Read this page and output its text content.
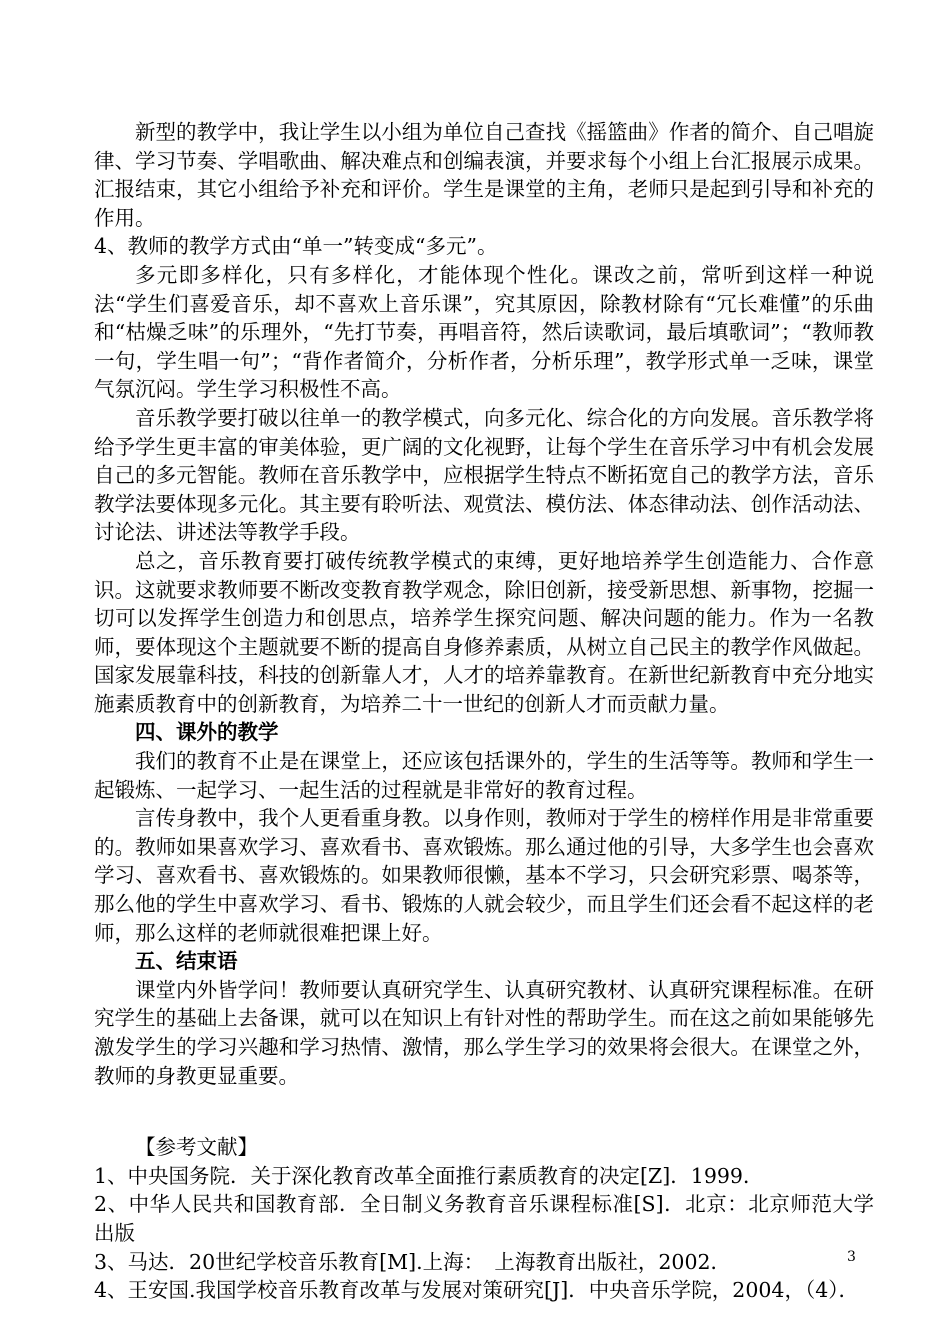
新型的教学中，我让学生以小组为单位自己查找《摇篮曲》作者的简介、自己唱旋律、学习节奏、学唱歌曲、解决难点和创编表演，并要求每个小组上台汇报展示成果。汇报结束，其它小组给予补充和评价。学生是课堂的主角，老师只是起到引导和补充的作用。

4、教师的教学方式由“单一”转变成“多元”。

多元即多样化，只有多样化，才能体现个性化。课改之前，常听到这样一种说法“学生们喜爱音乐，却不喜欢上音乐课”，究其原因，除教材除有“冗长难懂”的乐曲和“枯燥乏味”的乐理外，“先打节奏，再唱音符，然后读歌词，最后填歌词”；“教师教一句，学生唱一句”；“背作者简介，分析作者，分析乐理”，教学形式单一乏味，课堂气氛沉闷。学生学习积极性不高。

音乐教学要打破以往单一的教学模式，向多元化、综合化的方向发展。音乐教学将给予学生更丰富的审美体验，更广阔的文化视野，让每个学生在音乐学习中有机会发展自己的多元智能。教师在音乐教学中，应根据学生特点不断拓宽自己的教学方法，音乐教学法要体现多元化。其主要有聆听法、观赏法、模仿法、体态律动法、创作活动法、讨论法、讲述法等教学手段。

总之，音乐教育要打破传统教学模式的束缚，更好地培养学生创造能力、合作意识。这就要求教师要不断改变教育教学观念，除旧创新，接受新思想、新事物，挖掘一切可以发挥学生创造力和创思点，培养学生探究问题、解决问题的能力。作为一名教师，要体现这个主题就要不断的提高自身修养素质，从树立自己民主的教学作风做起。国家发展靠科技，科技的创新靠人才，人才的培养靠教育。在新世纪新教育中充分地实施素质教育中的创新教育，为培养二十一世纪的创新人才而贡献力量。

四、课外的教学

我们的教育不止是在课堂上，还应该包括课外的，学生的生活等等。教师和学生一起锻炼、一起学习、一起生活的过程就是非常好的教育过程。

言传身教中，我个人更看重身教。以身作则，教师对于学生的榜样作用是非常重要的。教师如果喜欢学习、喜欢看书、喜欢锻炼。那么通过他的引导，大多学生也会喜欢学习、喜欢看书、喜欢锻炼的。如果教师很懒，基本不学习，只会研究彩票、喝茶等，那么他的学生中喜欢学习、看书、锻炼的人就会较少，而且学生们还会看不起这样的老师，那么这样的老师就很难把课上好。

五、结束语

课堂内外皆学问！教师要认真研究学生、认真研究教材、认真研究课程标准。在研究学生的基础上去备课，就可以在知识上有针对性的帮助学生。而在这之前如果能够先激发学生的学习兴趣和学习热情、激情，那么学生学习的效果将会很大。在课堂之外，教师的身教更显重要。

【参考文献】

1、中央国务院．关于深化教育改革全面推行素质教育的决定[Z]．1999．

2、中华人民共和国教育部．全日制义务教育音乐课程标准[S]．北京：北京师范大学出版

3、马达．20世纪学校音乐教育[M].上海：　上海教育出版社，2002．

4、王安国.我国学校音乐教育改革与发展对策研究[J]．中央音乐学院，2004，（4）．

3
